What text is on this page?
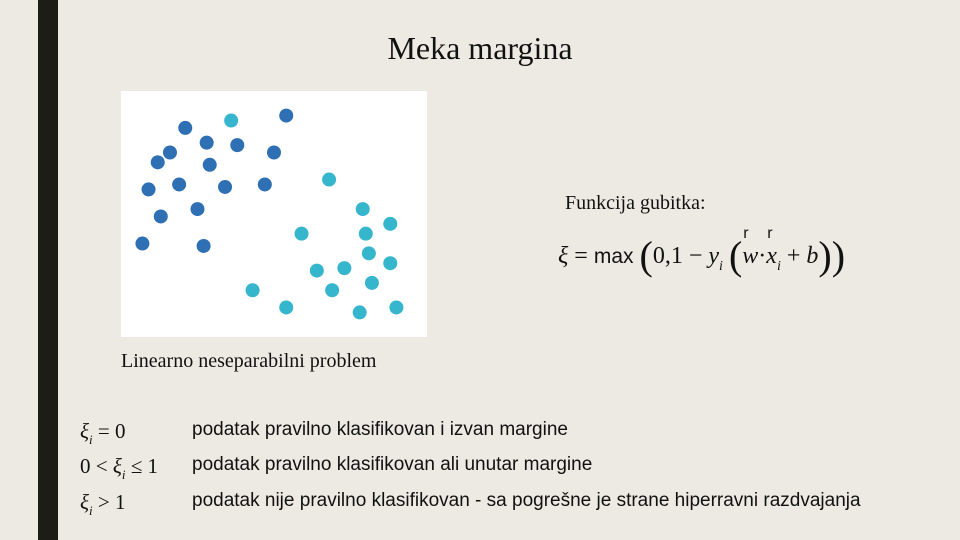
Meka margina
Linearno neseparabilni problem
Funkcija gubitka:
$\xi = \max (0,1 - y_i$ ( r
w·
r
$x_i + b$))
$\xi_i = 0$	podatak pravilno klasifikovan i izvan margine
$0 < \xi_i \le 1$ podatak pravilno klasifikovan ali unutar margine
$\xi_i > 1$	podatak nije pravilno klasifikovan - sa pogrešne je strane hiperravni razdvajanja
